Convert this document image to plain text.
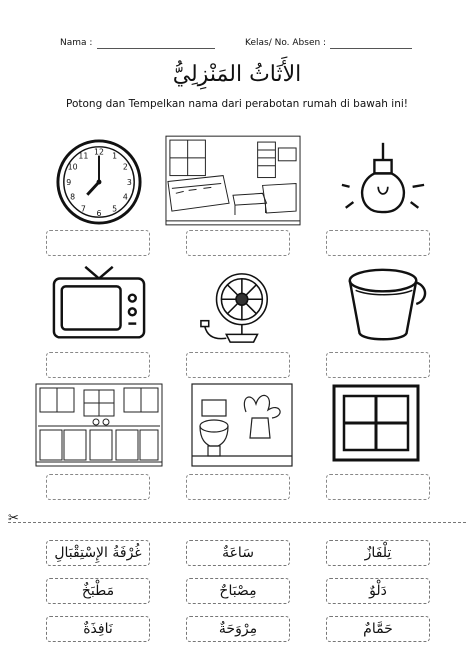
Nama :	Kelas/ No. Absen :
الأَثَاثُ المَنْزِلِيُّ
Potong dan Tempelkan nama dari perabotan rumah di bawah ini!
12 1
2
3
4
5
6
7
8
9
10
11
✂
غُرْفَةُ الإِسْتِقْبَالِ	سَاعَةٌ	تِلْفَازٌ
مَطْبَخٌ	مِصْبَاحٌ	دَلْوٌ
نَافِذَةٌ	مِرْوَحَةٌ	حَمَّامٌ
